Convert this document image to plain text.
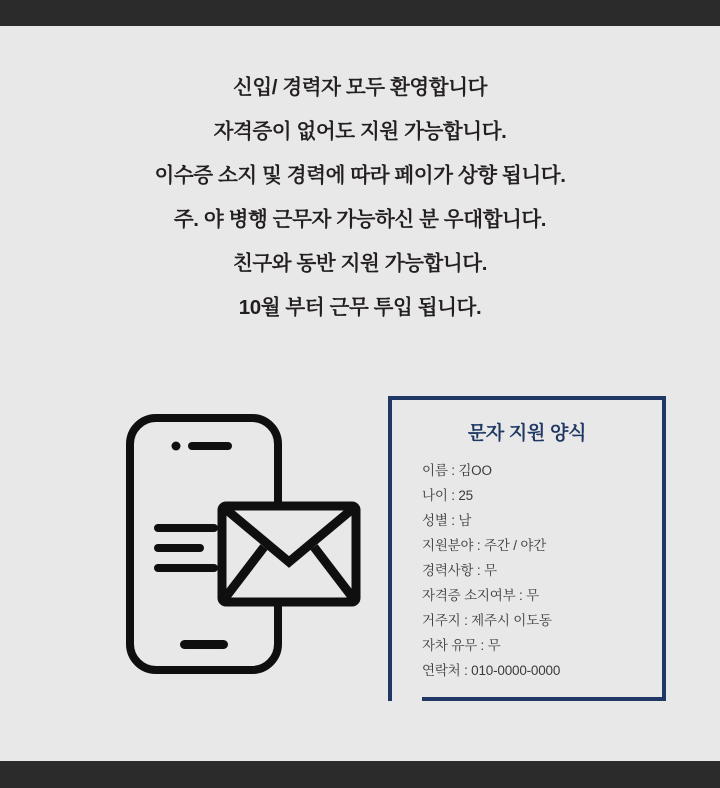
신입/ 경력자 모두 환영합니다
자격증이 없어도 지원 가능합니다.
이수증 소지 및 경력에 따라 페이가 상향 됩니다.
주. 야 병행 근무자 가능하신 분 우대합니다.
친구와 동반 지원 가능합니다.
10월 부터 근무 투입 됩니다.
문자 지원 양식
이름 : 김OO
나이 : 25
성별 : 남
지원분야 : 주간 / 야간
경력사항 : 무
자격증 소지여부 : 무
거주지 : 제주시 이도동
자차 유무 : 무
연락처 : 010-0000-0000
